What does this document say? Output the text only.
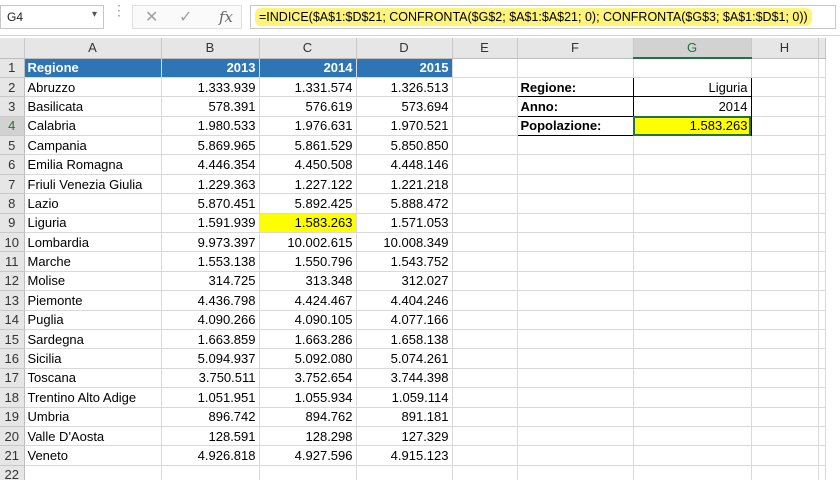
G4	▾ ⋮ ✕ ✓ fx	=INDICE($A$1:$D$21; CONFRONTA($G$2; $A$1:$A$21; 0); CONFRONTA($G$3; $A$1:$D$1; 0))
	A	B	C	D	E	F	G	H	
1	Regione	2013	2014	2015					
2	Abruzzo	1.333.939	1.331.574	1.326.513		Regione:	Liguria		
3	Basilicata	578.391	576.619	573.694		Anno:	2014		
4	Calabria	1.980.533	1.976.631	1.970.521		Popolazione:	1.583.263		
5	Campania	5.869.965	5.861.529	5.850.850					
6	Emilia Romagna	4.446.354	4.450.508	4.448.146					
7	Friuli Venezia Giulia	1.229.363	1.227.122	1.221.218					
8	Lazio	5.870.451	5.892.425	5.888.472					
9	Liguria	1.591.939	1.583.263	1.571.053					
10	Lombardia	9.973.397	10.002.615	10.008.349					
11	Marche	1.553.138	1.550.796	1.543.752					
12	Molise	314.725	313.348	312.027					
13	Piemonte	4.436.798	4.424.467	4.404.246					
14	Puglia	4.090.266	4.090.105	4.077.166					
15	Sardegna	1.663.859	1.663.286	1.658.138					
16	Sicilia	5.094.937	5.092.080	5.074.261					
17	Toscana	3.750.511	3.752.654	3.744.398					
18	Trentino Alto Adige	1.051.951	1.055.934	1.059.114					
19	Umbria	896.742	894.762	891.181					
20	Valle D'Aosta	128.591	128.298	127.329					
21	Veneto	4.926.818	4.927.596	4.915.123					
22									
